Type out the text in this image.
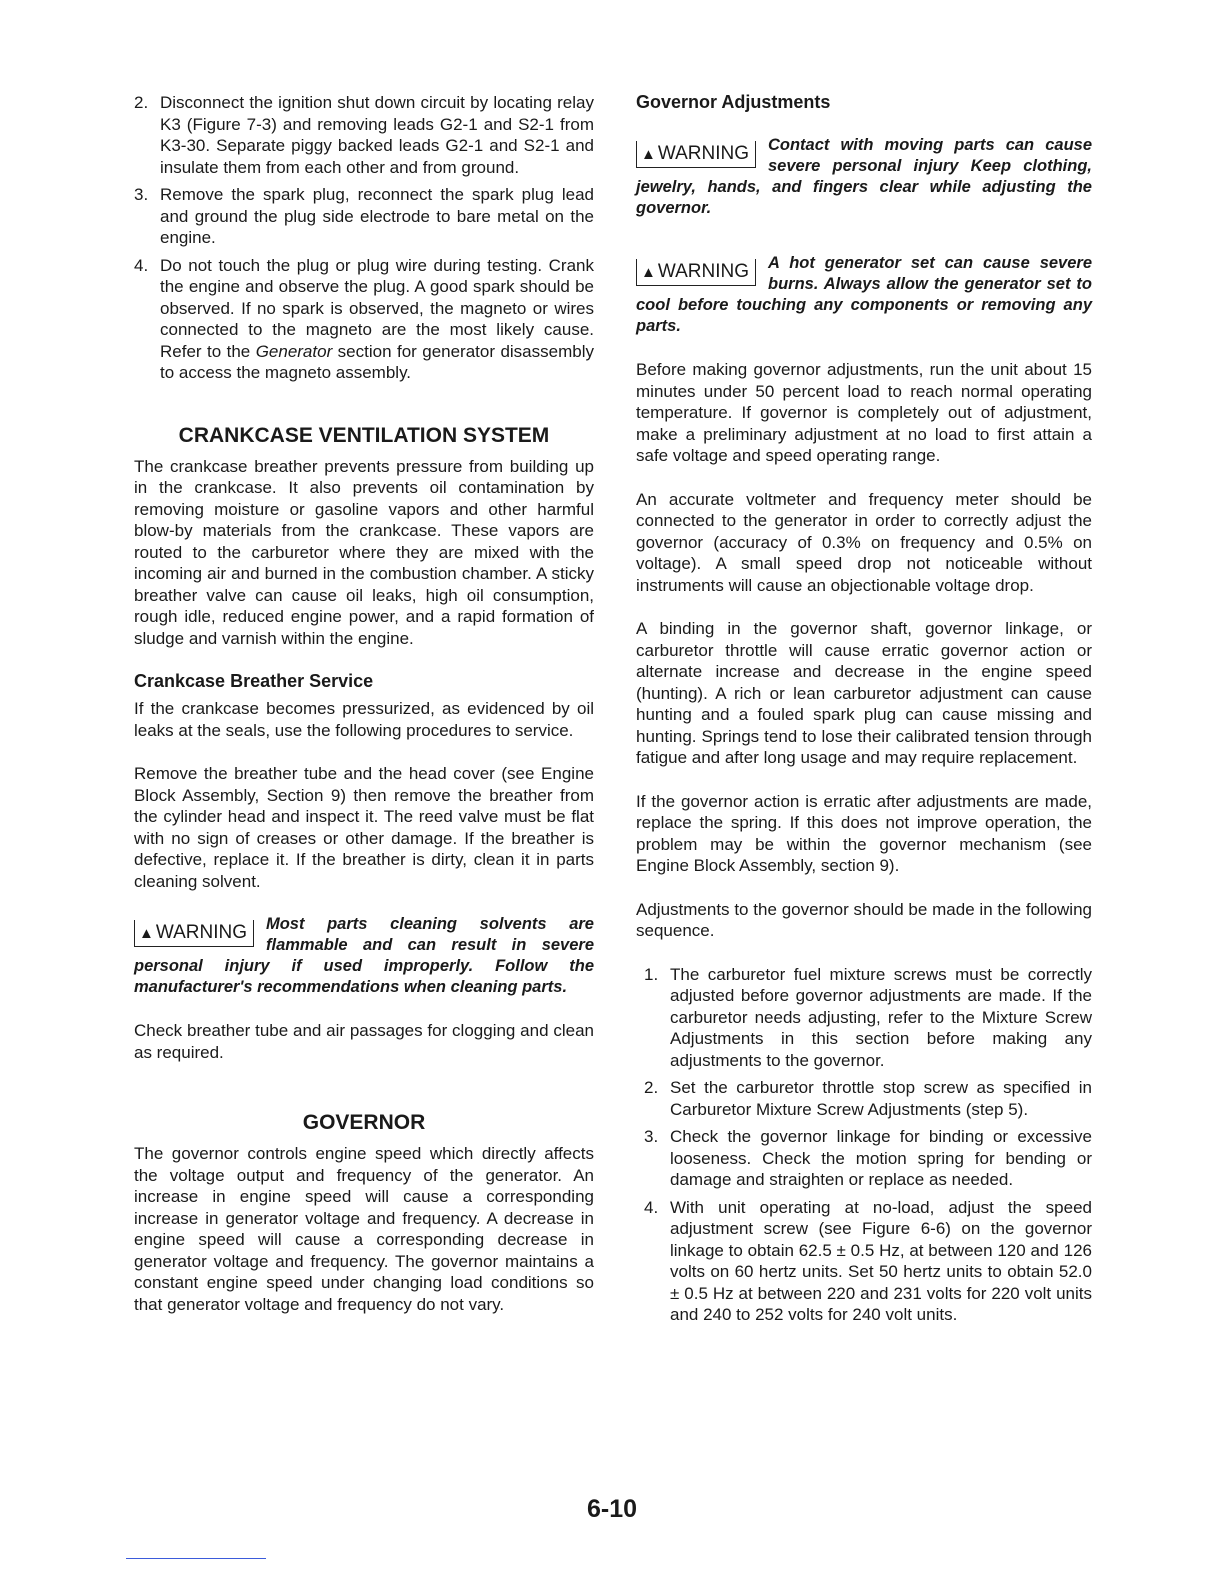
2. Disconnect the ignition shut down circuit by locating relay K3 (Figure 7-3) and removing leads G2-1 and S2-1 from K3-30. Separate piggy backed leads G2-1 and S2-1 and insulate them from each other and from ground.
3. Remove the spark plug, reconnect the spark plug lead and ground the plug side electrode to bare metal on the engine.
4. Do not touch the plug or plug wire during testing. Crank the engine and observe the plug. A good spark should be observed. If no spark is observed, the magneto or wires connected to the magneto are the most likely cause. Refer to the Generator section for generator disassembly to access the magneto assembly.
CRANKCASE VENTILATION SYSTEM

The crankcase breather prevents pressure from building up in the crankcase. It also prevents oil contamination by removing moisture or gasoline vapors and other harmful blow-by materials from the crankcase. These vapors are routed to the carburetor where they are mixed with the incoming air and burned in the combustion chamber. A sticky breather valve can cause oil leaks, high oil consumption, rough idle, reduced engine power, and a rapid formation of sludge and varnish within the engine.

Crankcase Breather Service

If the crankcase becomes pressurized, as evidenced by oil leaks at the seals, use the following procedures to service.

Remove the breather tube and the head cover (see Engine Block Assembly, Section 9) then remove the breather from the cylinder head and inspect it. The reed valve must be flat with no sign of creases or other damage. If the breather is defective, replace it. If the breather is dirty, clean it in parts cleaning solvent.

▲ WARNING	Most parts cleaning solvents are flammable and can result in severe personal injury if used improperly. Follow the manufacturer's recommendations when cleaning parts.

Check breather tube and air passages for clogging and clean as required.

GOVERNOR

The governor controls engine speed which directly affects the voltage output and frequency of the generator. An increase in engine speed will cause a corresponding increase in generator voltage and frequency. A decrease in engine speed will cause a corresponding decrease in generator voltage and frequency. The governor maintains a constant engine speed under changing load conditions so that generator voltage and frequency do not vary.

Governor Adjustments
▲ WARNING	Contact with moving parts can cause severe personal injury Keep clothing, jewelry, hands, and fingers clear while adjusting the governor.
▲ WARNING	A hot generator set can cause severe burns. Always allow the generator set to cool before touching any components or removing any parts.

Before making governor adjustments, run the unit about 15 minutes under 50 percent load to reach normal operating temperature. If governor is completely out of adjustment, make a preliminary adjustment at no load to first attain a safe voltage and speed operating range.

An accurate voltmeter and frequency meter should be connected to the generator in order to correctly adjust the governor (accuracy of 0.3% on frequency and 0.5% on voltage). A small speed drop not noticeable without instruments will cause an objectionable voltage drop.

A binding in the governor shaft, governor linkage, or carburetor throttle will cause erratic governor action or alternate increase and decrease in the engine speed (hunting). A rich or lean carburetor adjustment can cause hunting and a fouled spark plug can cause missing and hunting. Springs tend to lose their calibrated tension through fatigue and after long usage and may require replacement.

If the governor action is erratic after adjustments are made, replace the spring. If this does not improve operation, the problem may be within the governor mechanism (see Engine Block Assembly, section 9).

Adjustments to the governor should be made in the following sequence.

1. The carburetor fuel mixture screws must be correctly adjusted before governor adjustments are made. If the carburetor needs adjusting, refer to the Mixture Screw Adjustments in this section before making any adjustments to the governor.
2. Set the carburetor throttle stop screw as specified in Carburetor Mixture Screw Adjustments (step 5).
3. Check the governor linkage for binding or excessive looseness. Check the motion spring for bending or damage and straighten or replace as needed.
4. With unit operating at no-load, adjust the speed adjustment screw (see Figure 6-6) on the governor linkage to obtain 62.5 ± 0.5 Hz, at between 120 and 126 volts on 60 hertz units. Set 50 hertz units to obtain 52.0 ± 0.5 Hz at between 220 and 231 volts for 220 volt units and 240 to 252 volts for 240 volt units.
6-10
